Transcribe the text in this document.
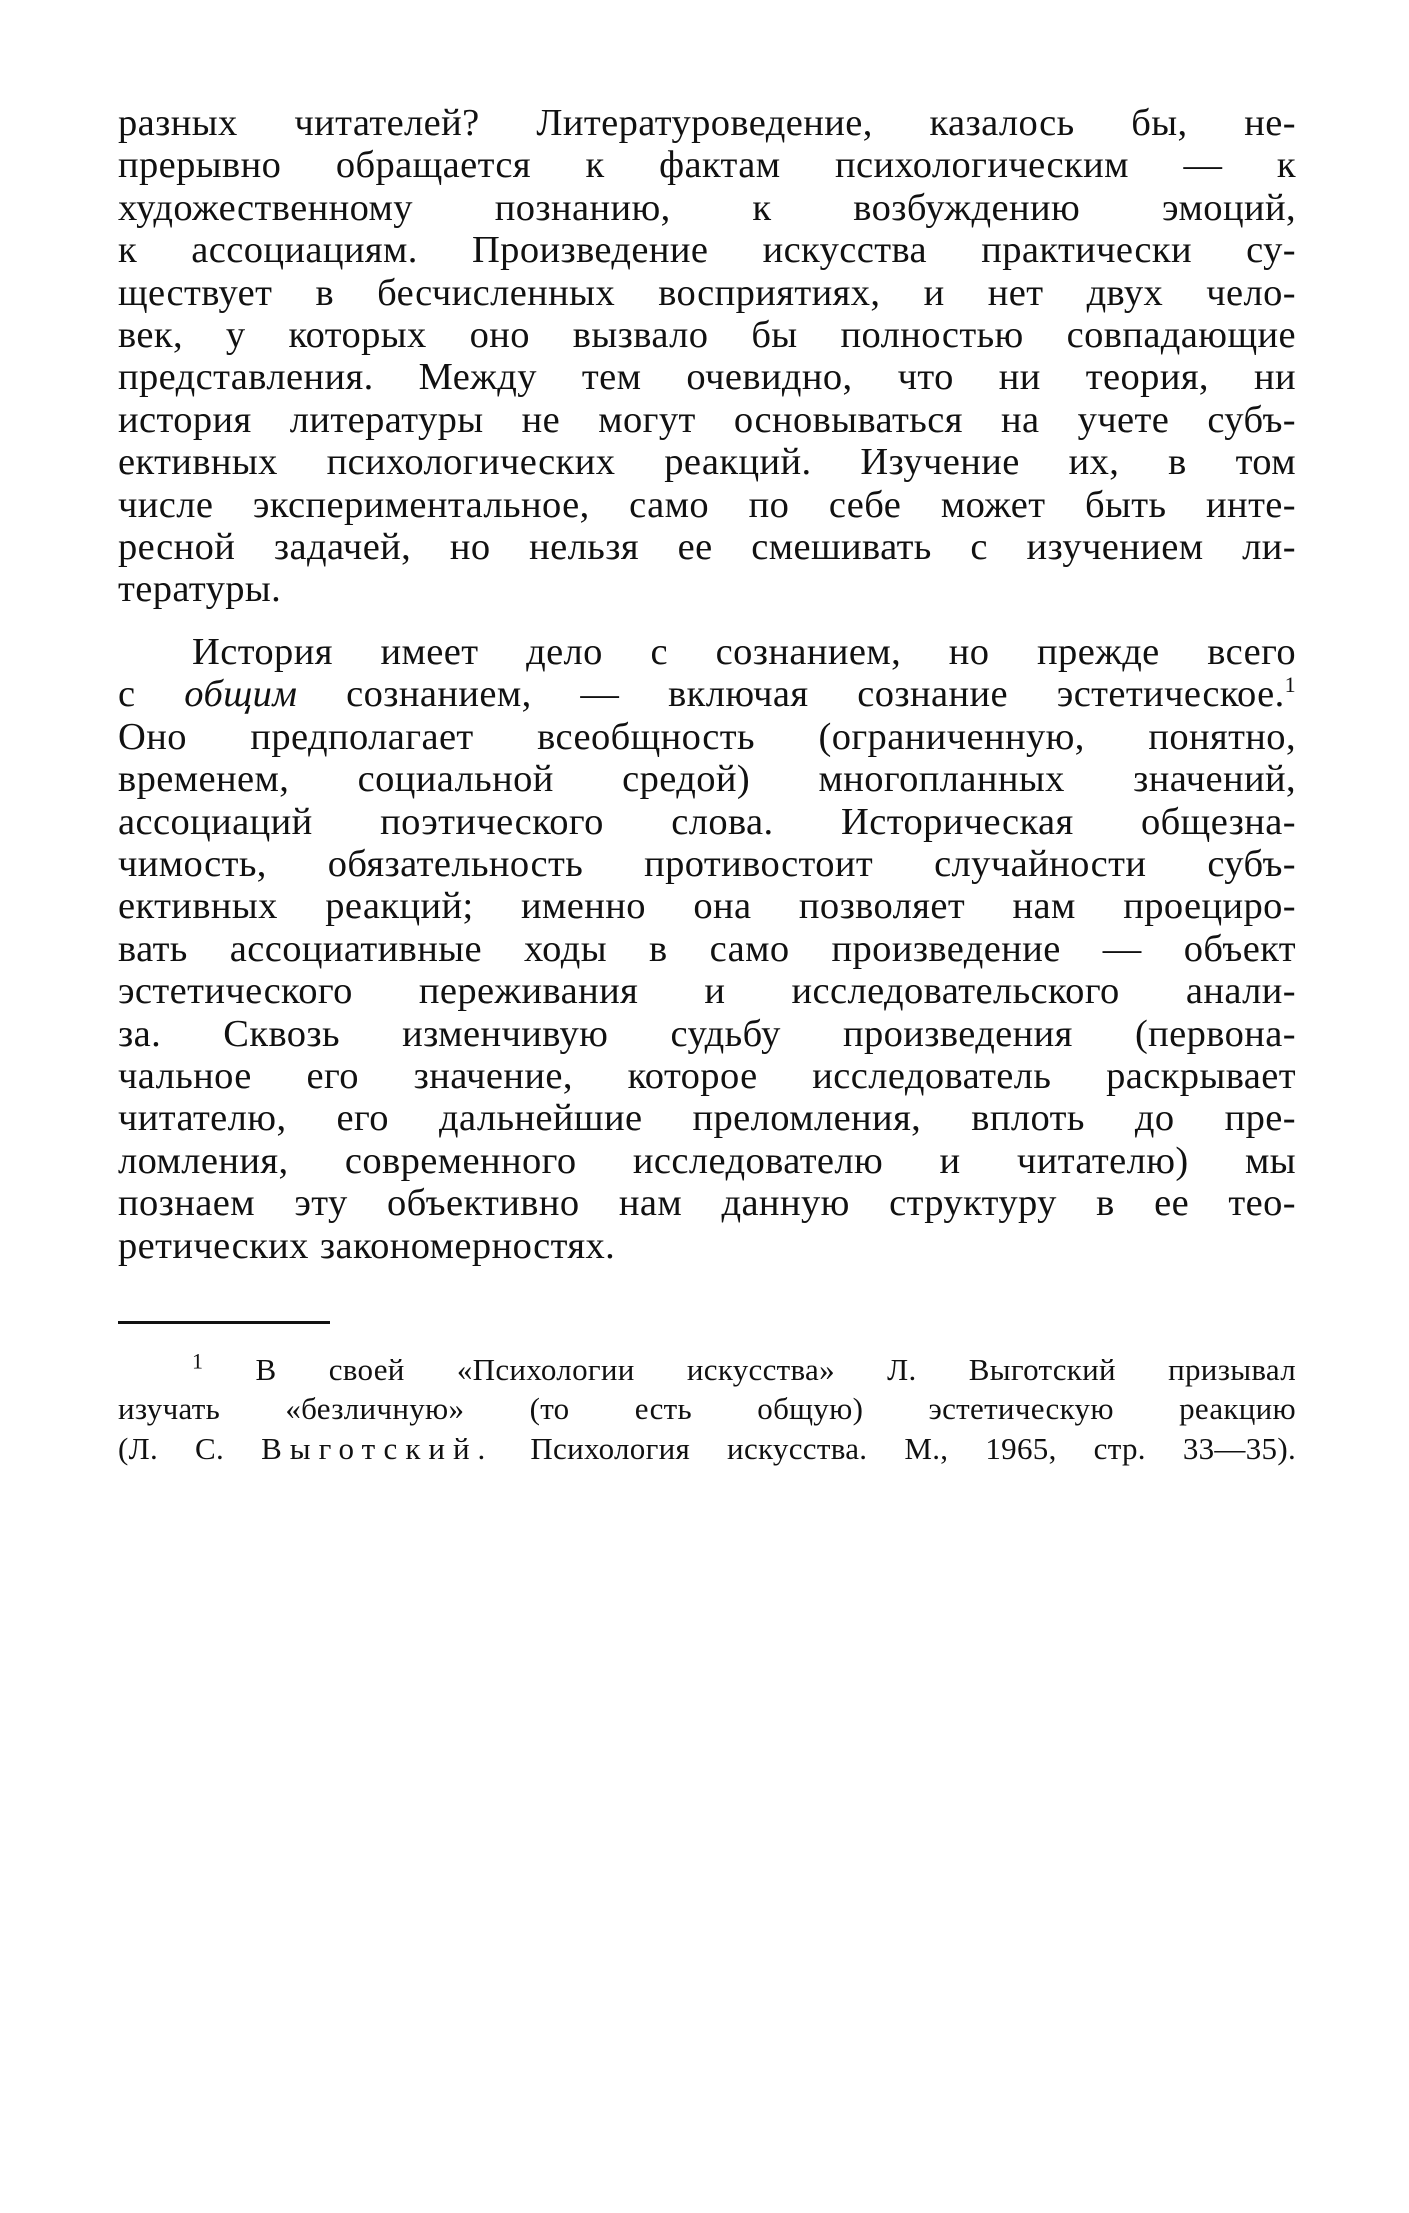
разных читателей? Литературоведение, казалось бы, не-
прерывно обращается к фактам психологическим — к
художественному познанию, к возбуждению эмоций,
к ассоциациям. Произведение искусства практически су-
ществует в бесчисленных восприятиях, и нет двух чело-
век, у которых оно вызвало бы полностью совпадающие
представления. Между тем очевидно, что ни теория, ни
история литературы не могут основываться на учете субъ-
ективных психологических реакций. Изучение их, в том
числе экспериментальное, само по себе может быть инте-
ресной задачей, но нельзя ее смешивать с изучением ли-
тературы.

История имеет дело с сознанием, но прежде всего
с общим сознанием, — включая сознание эстетическое.$^1$
Оно предполагает всеобщность (ограниченную, понятно,
временем, социальной средой) многопланных значений,
ассоциаций поэтического слова. Историческая общезна-
чимость, обязательность противостоит случайности субъ-
ективных реакций; именно она позволяет нам проециро-
вать ассоциативные ходы в само произведение — объект
эстетического переживания и исследовательского анали-
за. Сквозь изменчивую судьбу произведения (первона-
чальное его значение, которое исследователь раскрывает
читателю, его дальнейшие преломления, вплоть до пре-
ломления, современного исследователю и читателю) мы
познаем эту объективно нам данную структуру в ее тео-
ретических закономерностях.

$^1$ В своей «Психологии искусства» Л. Выготский призывал
изучать «безличную» (то есть общую) эстетическую реакцию
(Л. С. Выготский. Психология искусства. М., 1965, стр. 33—35).
